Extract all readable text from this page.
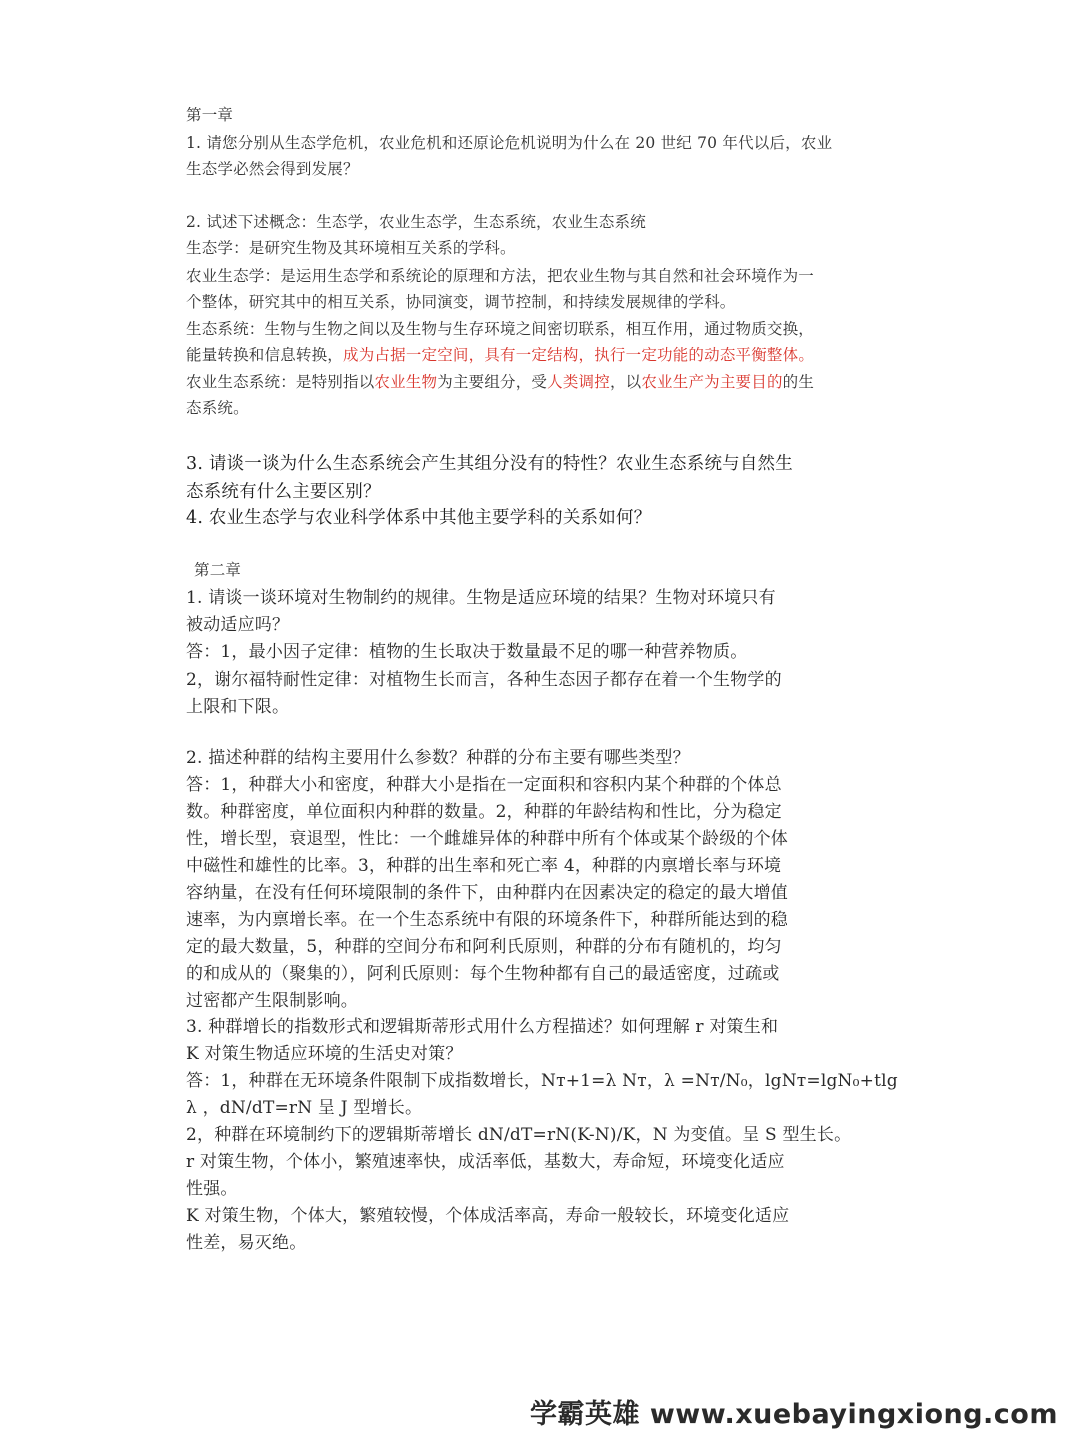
第一章
1. 请您分别从生态学危机，农业危机和还原论危机说明为什么在 20 世纪 70 年代以后，农业
生态学必然会得到发展？
2. 试述下述概念：生态学，农业生态学，生态系统，农业生态系统
生态学：是研究生物及其环境相互关系的学科。
农业生态学：是运用生态学和系统论的原理和方法，把农业生物与其自然和社会环境作为一
个整体，研究其中的相互关系，协同演变，调节控制，和持续发展规律的学科。
生态系统：生物与生物之间以及生物与生存环境之间密切联系，相互作用，通过物质交换，
能量转换和信息转换，成为占据一定空间，具有一定结构，执行一定功能的动态平衡整体。
农业生态系统：是特别指以农业生物为主要组分，受人类调控，以农业生产为主要目的的生
态系统。
3. 请谈一谈为什么生态系统会产生其组分没有的特性？农业生态系统与自然生
态系统有什么主要区别？
4. 农业生态学与农业科学体系中其他主要学科的关系如何？
第二章
1. 请谈一谈环境对生物制约的规律。生物是适应环境的结果？生物对环境只有
被动适应吗？
答：1，最小因子定律：植物的生长取决于数量最不足的哪一种营养物质。
2，谢尔福特耐性定律：对植物生长而言，各种生态因子都存在着一个生物学的
上限和下限。
2. 描述种群的结构主要用什么参数？种群的分布主要有哪些类型？
答：1，种群大小和密度，种群大小是指在一定面积和容积内某个种群的个体总
数。种群密度，单位面积内种群的数量。2，种群的年龄结构和性比，分为稳定
性，增长型，衰退型，性比：一个雌雄异体的种群中所有个体或某个龄级的个体
中磁性和雄性的比率。3，种群的出生率和死亡率 4，种群的内禀增长率与环境
容纳量，在没有任何环境限制的条件下，由种群内在因素决定的稳定的最大增值
速率，为内禀增长率。在一个生态系统中有限的环境条件下，种群所能达到的稳
定的最大数量，5，种群的空间分布和阿利氏原则，种群的分布有随机的，均匀
的和成从的（聚集的），阿利氏原则：每个生物种都有自己的最适密度，过疏或
过密都产生限制影响。
3. 种群增长的指数形式和逻辑斯蒂形式用什么方程描述？如何理解 r 对策生和
K 对策生物适应环境的生活史对策？
答：1，种群在无环境条件限制下成指数增长，Nт+1=λ Nт，λ =Nт/N₀，lgNт=lgN₀+tlg
λ ，dN/dT=rN 呈 J 型增长。
2，种群在环境制约下的逻辑斯蒂增长 dN/dT=rN(K-N)/K，N 为变值。呈 S 型生长。
r 对策生物，个体小，繁殖速率快，成活率低，基数大，寿命短，环境变化适应
性强。
K 对策生物，个体大，繁殖较慢，个体成活率高，寿命一般较长，环境变化适应
性差，易灭绝。
学霸英雄 www.xuebayingxiong.com
